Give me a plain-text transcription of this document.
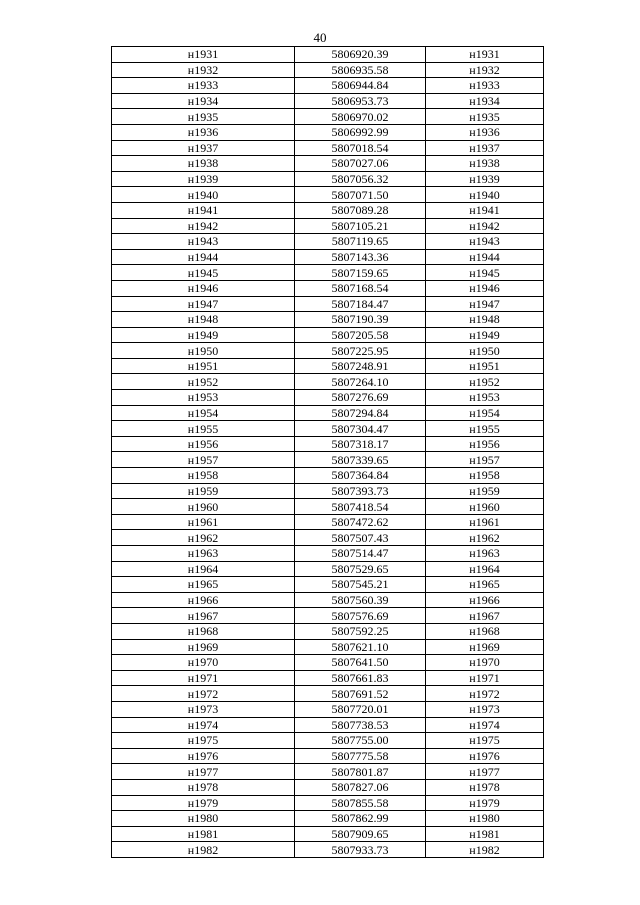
40
н1931	5806920.39	н1931
н1932	5806935.58	н1932
н1933	5806944.84	н1933
н1934	5806953.73	н1934
н1935	5806970.02	н1935
н1936	5806992.99	н1936
н1937	5807018.54	н1937
н1938	5807027.06	н1938
н1939	5807056.32	н1939
н1940	5807071.50	н1940
н1941	5807089.28	н1941
н1942	5807105.21	н1942
н1943	5807119.65	н1943
н1944	5807143.36	н1944
н1945	5807159.65	н1945
н1946	5807168.54	н1946
н1947	5807184.47	н1947
н1948	5807190.39	н1948
н1949	5807205.58	н1949
н1950	5807225.95	н1950
н1951	5807248.91	н1951
н1952	5807264.10	н1952
н1953	5807276.69	н1953
н1954	5807294.84	н1954
н1955	5807304.47	н1955
н1956	5807318.17	н1956
н1957	5807339.65	н1957
н1958	5807364.84	н1958
н1959	5807393.73	н1959
н1960	5807418.54	н1960
н1961	5807472.62	н1961
н1962	5807507.43	н1962
н1963	5807514.47	н1963
н1964	5807529.65	н1964
н1965	5807545.21	н1965
н1966	5807560.39	н1966
н1967	5807576.69	н1967
н1968	5807592.25	н1968
н1969	5807621.10	н1969
н1970	5807641.50	н1970
н1971	5807661.83	н1971
н1972	5807691.52	н1972
н1973	5807720.01	н1973
н1974	5807738.53	н1974
н1975	5807755.00	н1975
н1976	5807775.58	н1976
н1977	5807801.87	н1977
н1978	5807827.06	н1978
н1979	5807855.58	н1979
н1980	5807862.99	н1980
н1981	5807909.65	н1981
н1982	5807933.73	н1982
